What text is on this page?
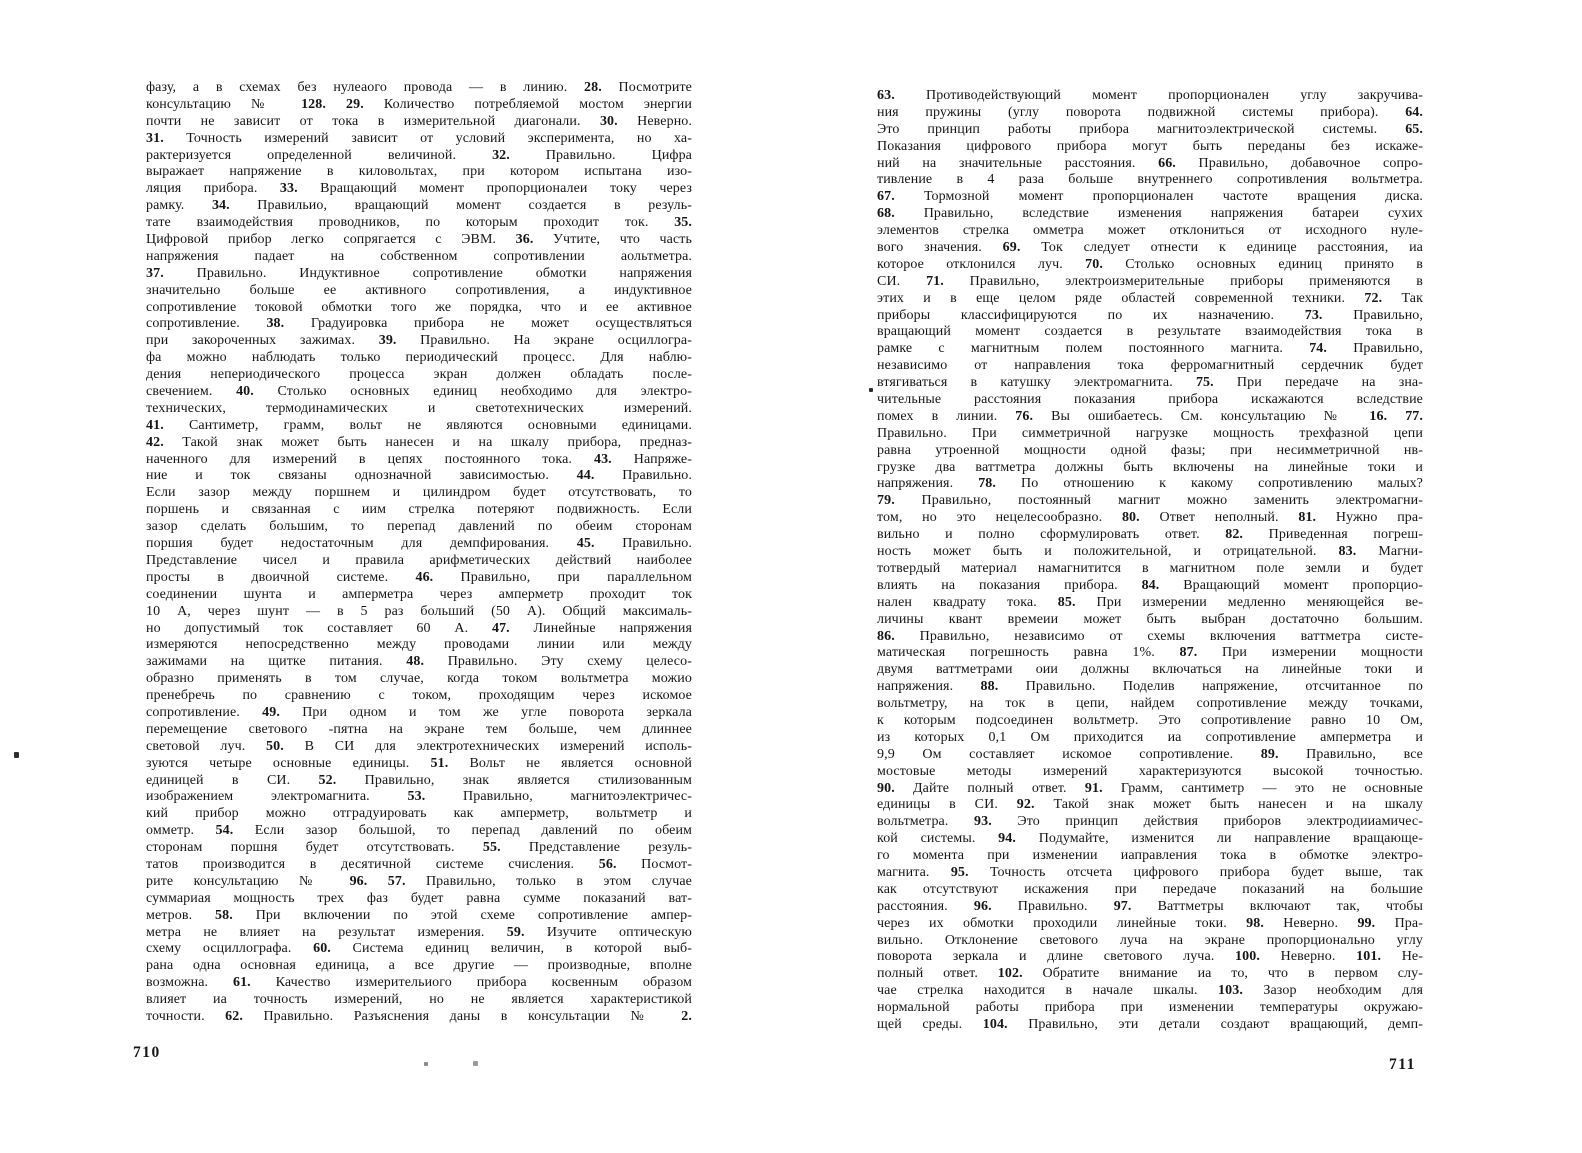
фазу, а в схемах без нулеаого провода — в линию. 28. Посмотрите
консультацию № 128. 29. Количество потребляемой мостом энергии
почти не зависит от тока в измерительной диагонали. 30. Неверно.
31. Точность измерений зависит от условий эксперимента, но ха-
рактеризуется определенной величиной. 32. Правильно. Цифра
выражает напряжение в киловольтах, при котором испытана изо-
ляция прибора. 33. Вращающий момент пропорционалеи току через
рамку. 34. Правильио, вращающий момент создается в резуль-
тате взаимодействия проводников, по которым проходит ток. 35.
Цифровой прибор легко сопрягается с ЭВМ. 36. Учтите, что часть
напряжения падает на собственном сопротивлении аольтметра.
37. Правильно. Индуктивное сопротивление обмотки напряжения
значительно больше ее активного сопротивления, а индуктивное
сопротивление токовой обмотки того же порядка, что и ее активное
сопротивление. 38. Градуировка прибора не может осуществляться
при закороченных зажимах. 39. Правильно. На экране осциллогра-
фа можно наблюдать только периодический процесс. Для наблю-
дения непериодического процесса экран должен обладать после-
свечением. 40. Столько основных единиц необходимо для электро-
технических, термодинамических и светотехнических измерений.
41. Сантиметр, грамм, вольт не являются основными единицами.
42. Такой знак может быть нанесен и на шкалу прибора, предназ-
наченного для измерений в цепях постоянного тока. 43. Напряже-
ние и ток связаны однозначной зависимостью. 44. Правильно.
Если зазор между поршнем и цилиндром будет отсутствовать, то
поршень и связанная с иим стрелка потеряют подвижность. Если
зазор сделать большим, то перепад давлений по обеим сторонам
поршия будет недостаточным для демпфирования. 45. Правильно.
Представление чисел и правила арифметических действий наиболее
просты в двоичной системе. 46. Правильно, при параллельном
соединении шунта и амперметра через амперметр проходит ток
10 А, через шунт — в 5 раз больший (50 А). Общий максималь-
но допустимый ток составляет 60 А. 47. Линейные напряжения
измеряются непосредственно между проводами линии или между
зажимами на щитке питания. 48. Правильно. Эту схему целесо-
образно применять в том случае, когда током вольтметра можио
пренебречь по сравнению с током, проходящим через искомое
сопротивление. 49. При одном и том же угле поворота зеркала
перемещение светового -пятна на экране тем больше, чем длиннее
световой луч. 50. В СИ для электротехнических измерений исполь-
зуются четыре основные единицы. 51. Вольт не является основной
единицей в СИ. 52. Правильно, знак является стилизованным
изображением электромагнита. 53. Правильно, магнитоэлектричес-
кий прибор можно отградуировать как амперметр, вольтметр и
омметр. 54. Если зазор большой, то перепад давлений по обеим
сторонам поршня будет отсутствовать. 55. Представление резуль-
татов производится в десятичной системе счисления. 56. Посмот-
рите консультацию № 96. 57. Правильно, только в этом случае
суммариая мощность трех фаз будет равна сумме показаний ват-
метров. 58. При включении по этой схеме сопротивление ампер-
метра не влияет на результат измерения. 59. Изучите оптическую
схему осциллографа. 60. Система единиц величин, в которой выб-
рана одна основная единица, а все другие — производные, вполне
возможна. 61. Качество измерительиого прибора косвенным образом
влияет иа точность измерений, но не является характеристикой
точности. 62. Правильно. Разъяснения даны в консультации № 2.
63. Противодействующий момент пропорционален углу закручива-
ния пружины (углу поворота подвижной системы прибора). 64.
Это принцип работы прибора магнитоэлектрической системы. 65.
Показания цифрового прибора могут быть переданы без искаже-
ний на значительные расстояния. 66. Правильно, добавочное сопро-
тивление в 4 раза больше внутреннего сопротивления вольтметра.
67. Тормозной момент пропорционален частоте вращения диска.
68. Правильно, вследствие изменения напряжения батареи сухих
элементов стрелка омметра может отклониться от исходного нуле-
вого значения. 69. Ток следует отнести к единице расстояния, иа
которое отклонился луч. 70. Столько основных единиц принято в
СИ. 71. Правильно, электроизмерительные приборы применяются в
этих и в еще целом ряде областей современной техники. 72. Так
приборы классифицируются по их назначению. 73. Правильно,
вращающий момент создается в результате взаимодействия тока в
рамке с магнитным полем постоянного магнита. 74. Правильно,
независимо от направления тока ферромагнитный сердечник будет
втягиваться в катушку электромагнита. 75. При передаче на зна-
чительные расстояния показания прибора искажаются вследствие
помех в линии. 76. Вы ошибаетесь. См. консультацию № 16. 77.
Правильно. При симметричной нагрузке мощность трехфазной цепи
равна утроенной мощности одной фазы; при несимметричной нв-
грузке два ваттметра должны быть включены на линейные токи и
напряжения. 78. По отношению к какому сопротивлению малых?
79. Правильно, постоянный магнит можно заменить электромагни-
том, но это нецелесообразно. 80. Ответ неполный. 81. Нужно пра-
вильно и полно сформулировать ответ. 82. Приведенная погреш-
ность может быть и положительной, и отрицательной. 83. Магни-
тотвердый материал намагнитится в магнитном поле земли и будет
влиять на показания прибора. 84. Вращающий момент пропорцио-
нален квадрату тока. 85. При измерении медленно меняющейся ве-
личины квант времеии может быть выбран достаточно большим.
86. Правильно, независимо от схемы включения ваттметра систе-
матическая погрешность равна 1%. 87. При измерении мощности
двумя ваттметрами оии должны включаться на линейные токи и
напряжения. 88. Правильно. Поделив напряжение, отсчитанное по
вольтметру, на ток в цепи, найдем сопротивление между точками,
к которым подсоединен вольтметр. Это сопротивление равно 10 Ом,
из которых 0,1 Ом приходится иа сопротивление амперметра и
9,9 Ом составляет искомое сопротивление. 89. Правильно, все
мостовые методы измерений характеризуются высокой точностью.
90. Дайте полный ответ. 91. Грамм, сантиметр — это не основные
единицы в СИ. 92. Такой знак может быть нанесен и на шкалу
вольтметра. 93. Это принцип действия приборов электродииамичес-
кой системы. 94. Подумайте, изменится ли направление вращающе-
го момента при изменении иаправления тока в обмотке электро-
магнита. 95. Точность отсчета цифрового прибора будет выше, так
как отсутствуют искажения при передаче показаний на большие
расстояния. 96. Правильно. 97. Ваттметры включают так, чтобы
через их обмотки проходили линейные токи. 98. Неверно. 99. Пра-
вильно. Отклонение светового луча на экране пропорционально углу
поворота зеркала и длине светового луча. 100. Неверно. 101. Не-
полный ответ. 102. Обратите внимание иа то, что в первом слу-
чае стрелка находится в начале шкалы. 103. Зазор необходим для
нормальной работы прибора при изменении температуры окружаю-
щей среды. 104. Правильно, эти детали создают вращающий, демп-
710
711
